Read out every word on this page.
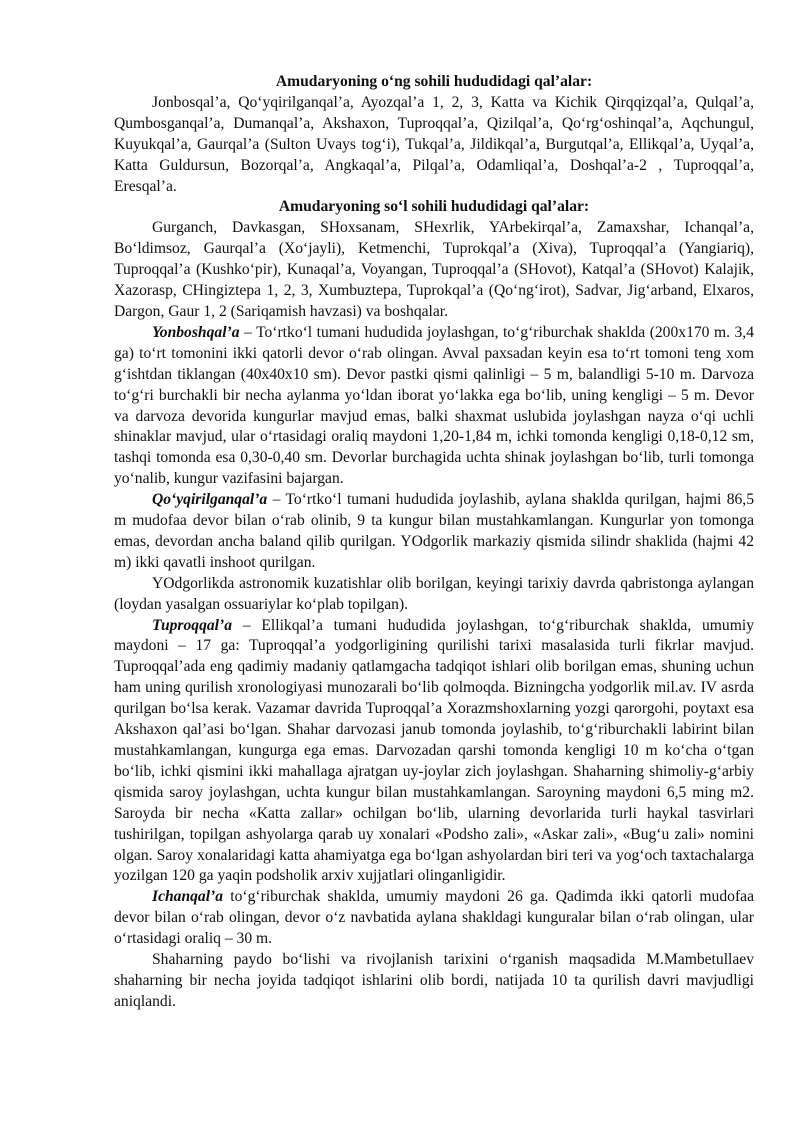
Amudaryoning o‘ng sohili hududidagi qal’alar:

Jonbosqal’a, Qo‘yqirilganqal’a, Ayozqal’a 1, 2, 3, Katta va Kichik Qirqqizqal’a, Qulqal’a, Qumbosganqal’a, Dumanqal’a, Akshaxon, Tuproqqal’a, Qizilqal’a, Qo‘rg‘oshinqal’a, Aqchungul, Kuyukqal’a, Gaurqal’a (Sulton Uvays tog‘i), Tukqal’a, Jildikqal’a, Burgutqal’a, Ellikqal’a, Uyqal’a, Katta Guldursun, Bozorqal’a, Angkaqal’a, Pilqal’a, Odamliqal’a, Doshqal’a-2 , Tuproqqal’a, Eresqal’a.

Amudaryoning so‘l sohili hududidagi qal’alar:

Gurganch, Davkasgan, SHoxsanam, SHexrlik, YArbekirqal’a, Zamaxshar, Ichanqal’a, Bo‘ldimsoz, Gaurqal’a (Xo‘jayli), Ketmenchi, Tuprokqal’a (Xiva), Tuproqqal’a (Yangiariq), Tuproqqal’a (Kushko‘pir), Kunaqal’a, Voyangan, Tuproqqal’a (SHovot), Katqal’a (SHovot) Kalajik, Xazorasp, CHingiztepa 1, 2, 3, Xumbuztepa, Tuprokqal’a (Qo‘ng‘irot), Sadvar, Jig‘arband, Elxaros, Dargon, Gaur 1, 2 (Sariqamish havzasi) va boshqalar.

Yonboshqal’a – To‘rtko‘l tumani hududida joylashgan, to‘g‘riburchak shaklda (200x170 m. 3,4 ga) to‘rt tomonini ikki qatorli devor o‘rab olingan. Avval paxsadan keyin esa to‘rt tomoni teng xom g‘ishtdan tiklangan (40x40x10 sm). Devor pastki qismi qalinligi – 5 m, balandligi 5-10 m. Darvoza to‘g‘ri burchakli bir necha aylanma yo‘ldan iborat yo‘lakka ega bo‘lib, uning kengligi – 5 m. Devor va darvoza devorida kungurlar mavjud emas, balki shaxmat uslubida joylashgan nayza o‘qi uchli shinaklar mavjud, ular o‘rtasidagi oraliq maydoni 1,20-1,84 m, ichki tomonda kengligi 0,18-0,12 sm, tashqi tomonda esa 0,30-0,40 sm. Devorlar burchagida uchta shinak joylashgan bo‘lib, turli tomonga yo‘nalib, kungur vazifasini bajargan.

Qo‘yqirilganqal’a – To‘rtko‘l tumani hududida joylashib, aylana shaklda qurilgan, hajmi 86,5 m mudofaa devor bilan o‘rab olinib, 9 ta kungur bilan mustahkamlangan. Kungurlar yon tomonga emas, devordan ancha baland qilib qurilgan. YOdgorlik markaziy qismida silindr shaklida (hajmi 42 m) ikki qavatli inshoot qurilgan.

YOdgorlikda astronomik kuzatishlar olib borilgan, keyingi tarixiy davrda qabristonga aylangan (loydan yasalgan ossuariylar ko‘plab topilgan).

Tuproqqal’a – Ellikqal’a tumani hududida joylashgan, to‘g‘riburchak shaklda, umumiy maydoni – 17 ga: Tuproqqal’a yodgorligining qurilishi tarixi masalasida turli fikrlar mavjud. Tuproqqal’ada eng qadimiy madaniy qatlamgacha tadqiqot ishlari olib borilgan emas, shuning uchun ham uning qurilish xronologiyasi munozarali bo‘lib qolmoqda. Bizningcha yodgorlik mil.av. IV asrda qurilgan bo‘lsa kerak. Vazamar davrida Tuproqqal’a Xorazmshoxlarning yozgi qarorgohi, poytaxt esa Akshaxon qal’asi bo‘lgan. Shahar darvozasi janub tomonda joylashib, to‘g‘riburchakli labirint bilan mustahkamlangan, kungurga ega emas. Darvozadan qarshi tomonda kengligi 10 m ko‘cha o‘tgan bo‘lib, ichki qismini ikki mahallaga ajratgan uy-joylar zich joylashgan. Shaharning shimoliy-g‘arbiy qismida saroy joylashgan, uchta kungur bilan mustahkamlangan. Saroyning maydoni 6,5 ming m2. Saroyda bir necha «Katta zallar» ochilgan bo‘lib, ularning devorlarida turli haykal tasvirlari tushirilgan, topilgan ashyolarga qarab uy xonalari «Podsho zali», «Askar zali», «Bug‘u zali» nomini olgan. Saroy xonalaridagi katta ahamiyatga ega bo‘lgan ashyolardan biri teri va yog‘och taxtachalarga yozilgan 120 ga yaqin podsholik arxiv xujjatlari olinganligidir.

Ichanqal’a to‘g‘riburchak shaklda, umumiy maydoni 26 ga. Qadimda ikki qatorli mudofaa devor bilan o‘rab olingan, devor o‘z navbatida aylana shakldagi kunguralar bilan o‘rab olingan, ular o‘rtasidagi oraliq – 30 m.

Shaharning paydo bo‘lishi va rivojlanish tarixini o‘rganish maqsadida M.Mambetullaev shaharning bir necha joyida tadqiqot ishlarini olib bordi, natijada 10 ta qurilish davri mavjudligi aniqlandi.
